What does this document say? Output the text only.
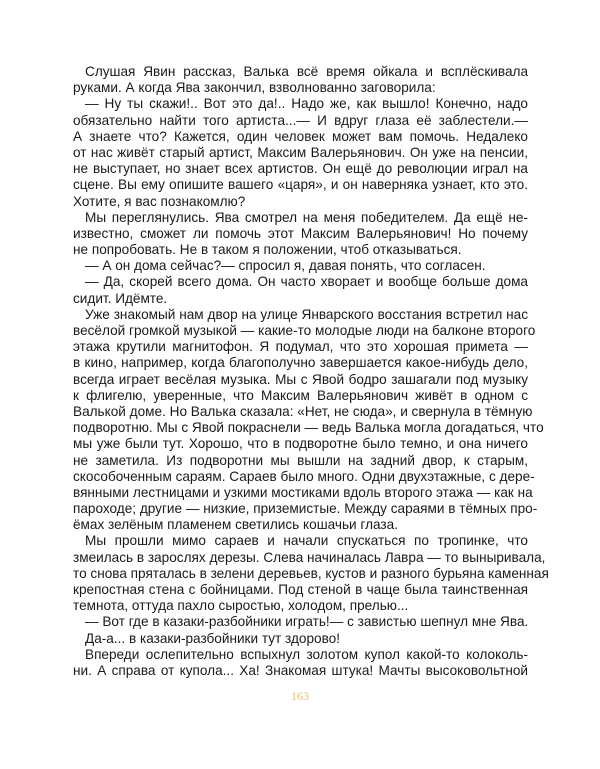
Слушая Явин рассказ, Валька всё время ойкала и всплёскивала
руками. А когда Ява закончил, взволнованно заговорила:
— Ну ты скажи!.. Вот это да!.. Надо же, как вышло! Конечно, надо
обязательно найти того артиста...— И вдруг глаза её заблестели.—
А знаете что? Кажется, один человек может вам помочь. Недалеко
от нас живёт старый артист, Максим Валерьянович. Он уже на пенсии,
не выступает, но знает всех артистов. Он ещё до революции играл на
сцене. Вы ему опишите вашего «царя», и он наверняка узнает, кто это.
Хотите, я вас познакомлю?
Мы переглянулись. Ява смотрел на меня победителем. Да ещё не-
известно, сможет ли помочь этот Максим Валерьянович! Но почему
не попробовать. Не в таком я положении, чтоб отказываться.
— А он дома сейчас?— спросил я, давая понять, что согласен.
— Да, скорей всего дома. Он часто хворает и вообще больше дома
сидит. Идёмте.
Уже знакомый нам двор на улице Январского восстания встретил нас
весёлой громкой музыкой — какие-то молодые люди на балконе второго
этажа крутили магнитофон. Я подумал, что это хорошая примета —
в кино, например, когда благополучно завершается какое-нибудь дело,
всегда играет весёлая музыка. Мы с Явой бодро зашагали под музыку
к флигелю, уверенные, что Максим Валерьянович живёт в одном с
Валькой доме. Но Валька сказала: «Нет, не сюда», и свернула в тёмную
подворотню. Мы с Явой покраснели — ведь Валька могла догадаться, что
мы уже были тут. Хорошо, что в подворотне было темно, и она ничего
не заметила. Из подворотни мы вышли на задний двор, к старым,
скособоченным сараям. Сараев было много. Одни двухэтажные, с дере-
вянными лестницами и узкими мостиками вдоль второго этажа — как на
пароходе; другие — низкие, приземистые. Между сараями в тёмных про-
ёмах зелёным пламенем светились кошачьи глаза.
Мы прошли мимо сараев и начали спускаться по тропинке, что
змеилась в зарослях дерезы. Слева начиналась Лавра — то выныривала,
то снова пряталась в зелени деревьев, кустов и разного бурьяна каменная
крепостная стена с бойницами. Под стеной в чаще была таинственная
темнота, оттуда пахло сыростью, холодом, прелью...
— Вот где в казаки-разбойники играть!— с завистью шепнул мне Ява.
Да-а... в казаки-разбойники тут здорово!
Впереди ослепительно вспыхнул золотом купол какой-то колоколь-
ни. А справа от купола... Ха! Знакомая штука! Мачты высоковольтной
163
